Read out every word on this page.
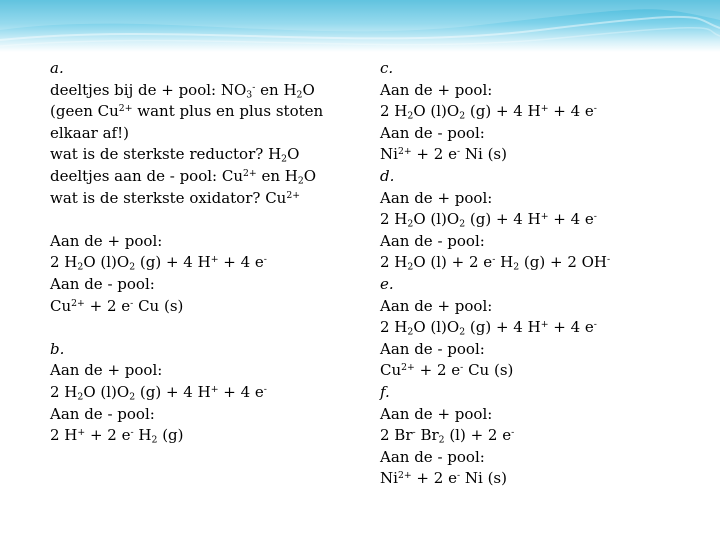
a.
deeltjes bij de + pool: $NO_3^-$ en $H_2O$
(geen $Cu^{2+}$ want plus en plus stoten
elkaar af!)
wat is de sterkste reductor? $H_2O$
deeltjes aan de - pool: $Cu^{2+}$ en $H_2O$
wat is de sterkste oxidator? $Cu^{2+}$
Aan de + pool:
2 $H_2O$ $(l)O_2$ (g) + 4 H+ + 4 e-
Aan de - pool:
$Cu^{2+} + 2$ e- Cu (s)
b.
Aan de + pool:
2 $H_2O$ $(l)O_2$ (g) + 4 H+ + 4 e-
Aan de - pool:
2 H+ + 2 e- $H_2$ (g)
c.
Aan de + pool:
2 $H_2O$ $(l)O_2$ (g) + 4 H+ + 4 e-
Aan de - pool:
$Ni^{2+} + 2$ e- Ni (s)
d.
Aan de + pool:
2 $H_2O$ $(l)O_2$ (g) + 4 H+ + 4 e-
Aan de - pool:
2 $H_2O$ (l) + 2 e- $H_2$ (g) + 2 OH-
e.
Aan de + pool:
2 $H_2O$ $(l)O_2$ (g) + 4 H+ + 4 e-
Aan de - pool:
$Cu^{2+} + 2$ e- Cu (s)
f.
Aan de + pool:
2 Br- $Br_2$ (l) + 2 e-
Aan de - pool:
$Ni^{2+} + 2$ e- Ni (s)
